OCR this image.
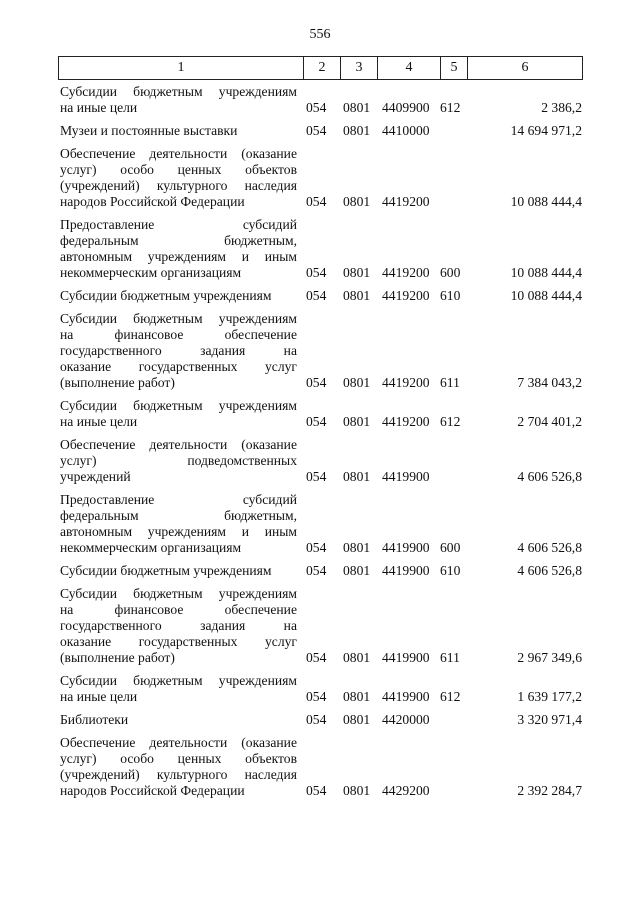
556
1	2	3	4	5	6
Субсидии бюджетным учреждениям
на иные цели	054 0801 4409900 612	2 386,2
Музеи и постоянные выставки	054 0801 4410000	14 694 971,2
Обеспечение деятельности (оказание
услуг) особо ценных объектов
(учреждений) культурного наследия
народов Российской Федерации	054 0801 4419200	10 088 444,4
Предоставление субсидий
федеральным бюджетным,
автономным учреждениям и иным
некоммерческим организациям	054 0801 4419200 600	10 088 444,4
Субсидии бюджетным учреждениям	054 0801 4419200 610	10 088 444,4
Субсидии бюджетным учреждениям
на финансовое обеспечение
государственного задания на
оказание государственных услуг
(выполнение работ)	054 0801 4419200 611	7 384 043,2
Субсидии бюджетным учреждениям
на иные цели	054 0801 4419200 612	2 704 401,2
Обеспечение деятельности (оказание
услуг) подведомственных
учреждений	054 0801 4419900	4 606 526,8
Предоставление субсидий
федеральным бюджетным,
автономным учреждениям и иным
некоммерческим организациям	054 0801 4419900 600	4 606 526,8
Субсидии бюджетным учреждениям	054 0801 4419900 610	4 606 526,8
Субсидии бюджетным учреждениям
на финансовое обеспечение
государственного задания на
оказание государственных услуг
(выполнение работ)	054 0801 4419900 611	2 967 349,6
Субсидии бюджетным учреждениям
на иные цели	054 0801 4419900 612	1 639 177,2
Библиотеки	054 0801 4420000	3 320 971,4
Обеспечение деятельности (оказание
услуг) особо ценных объектов
(учреждений) культурного наследия
народов Российской Федерации	054 0801 4429200	2 392 284,7
